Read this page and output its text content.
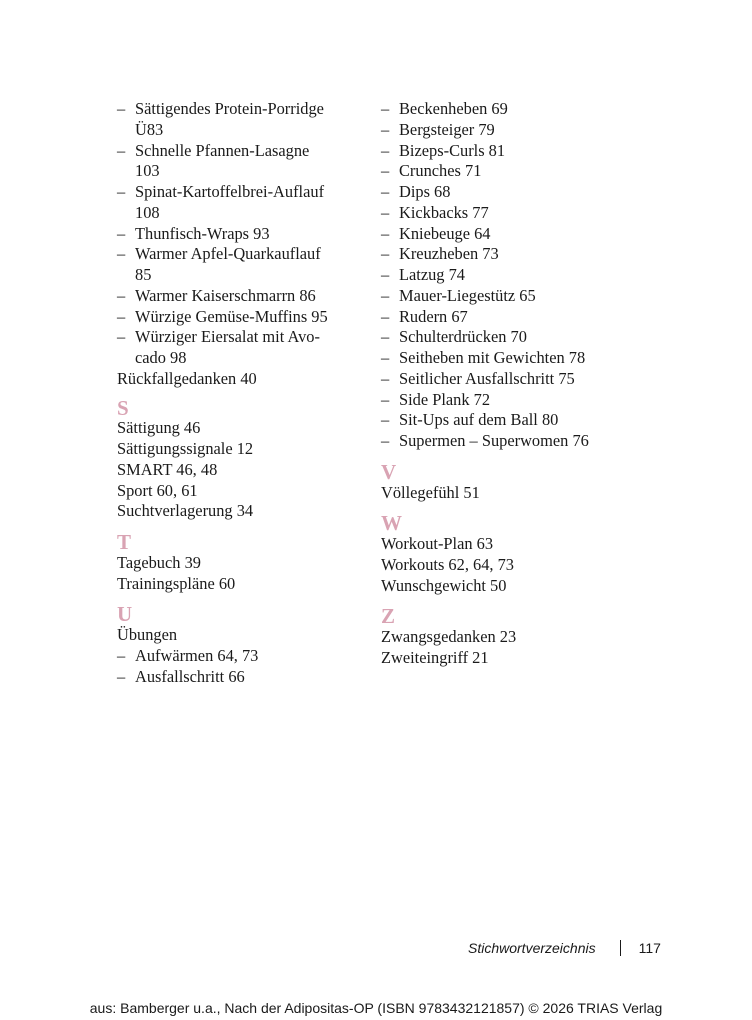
– Sättigendes Protein-Porridge
Ü83
– Schnelle Pfannen-Lasagne
103
– Spinat-Kartoffelbrei-Auflauf
108
– Thunfisch-Wraps 93
– Warmer Apfel-Quarkauflauf
85
– Warmer Kaiserschmarrn 86
– Würzige Gemüse-Muffins 95
– Würziger Eiersalat mit Avo-
cado 98
Rückfallgedanken 40
S
Sättigung 46
Sättigungssignale 12
SMART 46, 48
Sport 60, 61
Suchtverlagerung 34
T
Tagebuch 39
Trainingspläne 60
U
Übungen
– Aufwärmen 64, 73
– Ausfallschritt 66
– Beckenheben 69
– Bergsteiger 79
– Bizeps-Curls 81
– Crunches 71
– Dips 68
– Kickbacks 77
– Kniebeuge 64
– Kreuzheben 73
– Latzug 74
– Mauer-Liegestütz 65
– Rudern 67
– Schulterdrücken 70
– Seitheben mit Gewichten 78
– Seitlicher Ausfallschritt 75
– Side Plank 72
– Sit-Ups auf dem Ball 80
– Supermen – Superwomen 76
V
Völlegefühl 51
W
Workout-Plan 63
Workouts 62, 64, 73
Wunschgewicht 50
Z
Zwangsgedanken 23
Zweiteingriff 21
Stichwortverzeichnis	117
aus: Bamberger u.a., Nach der Adipositas-OP (ISBN 9783432121857) © 2026 TRIAS Verlag
